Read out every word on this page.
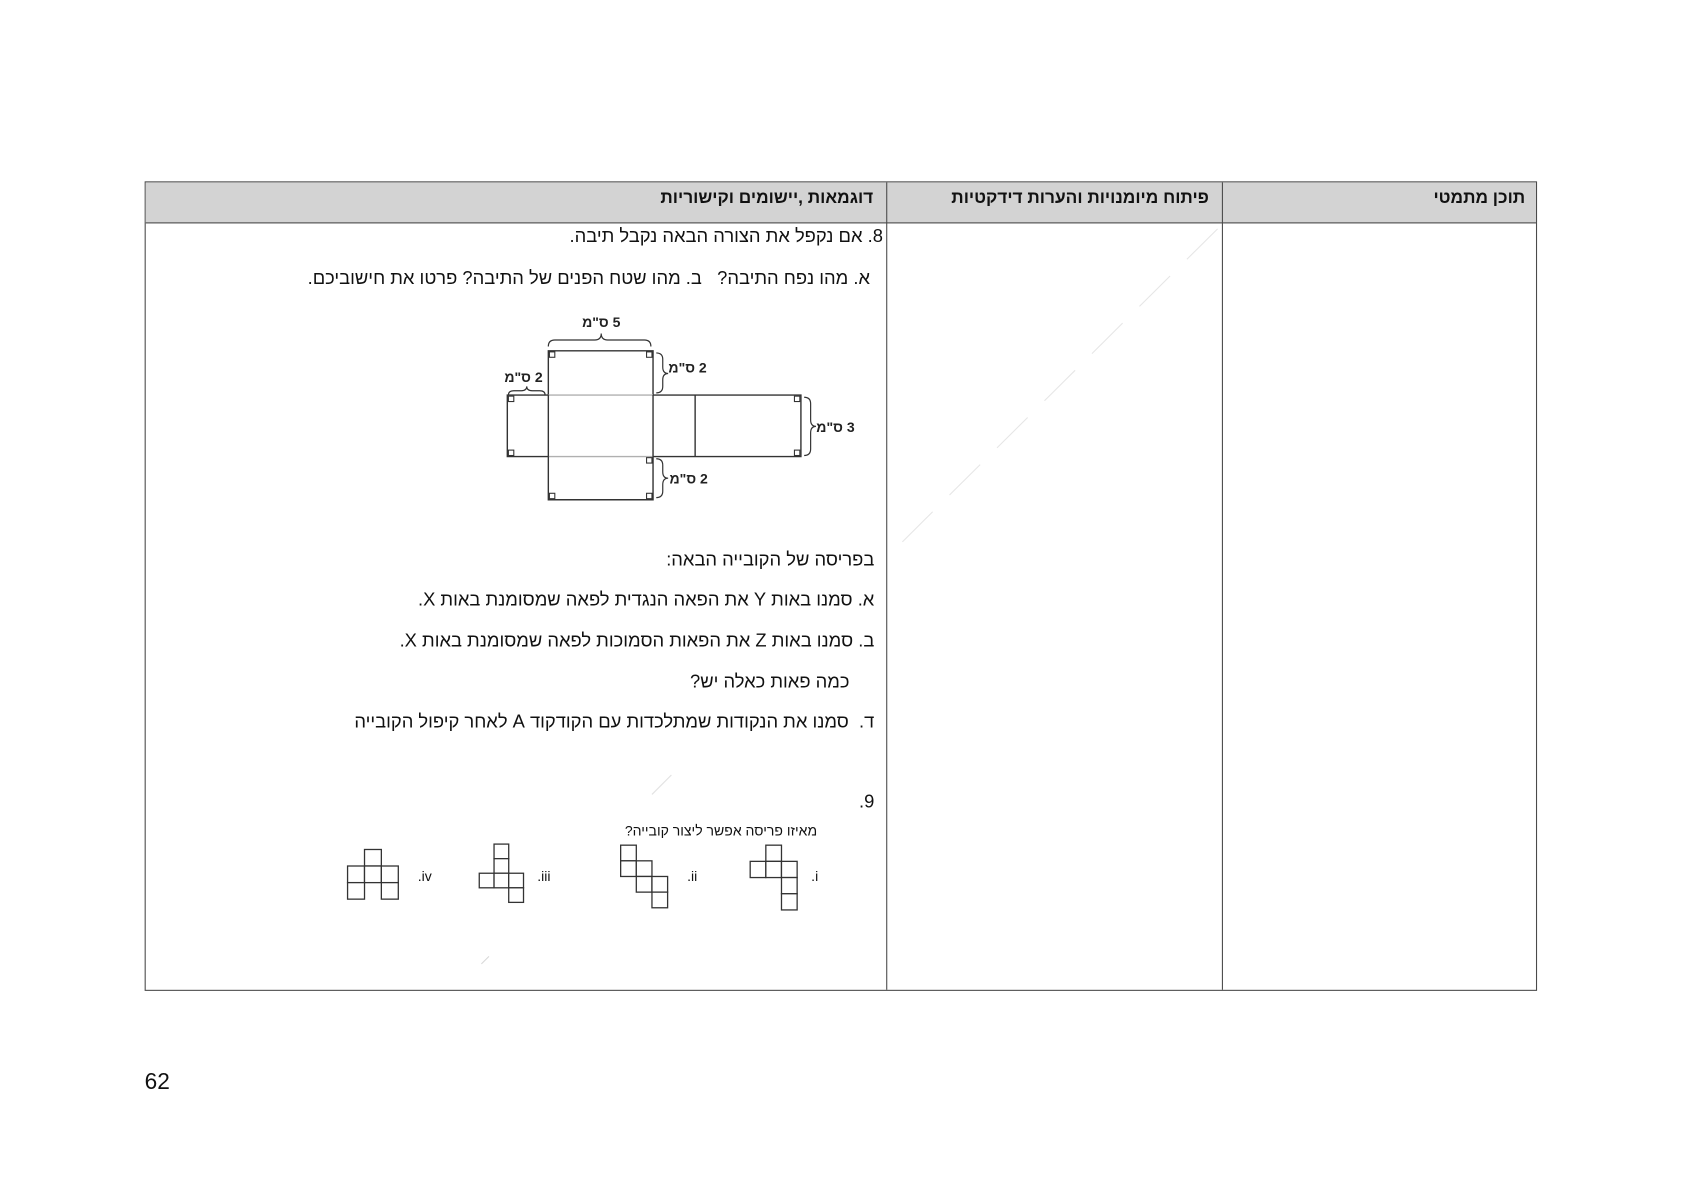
תוכן מתמטי
פיתוח מיומנויות והערות דידקטיות
דוגמאות ,יישומים וקישוריות
8. אם נקפל את הצורה הבאה נקבל תיבה.
א. מהו נפח התיבה?   ב. מהו שטח הפנים של התיבה? פרטו את חישוביכם.
5 ס"מ
2 ס"מ
2 ס"מ
3 ס"מ
2 ס"מ
בפריסה של הקובייה הבאה:
א. סמנו באות Y את הפאה הנגדית לפאה שמסומנת באות X.
ב. סמנו באות Z את הפאות הסמוכות לפאה שמסומנת באות X.
כמה פאות כאלה יש?
ד.  סמנו את הנקודות שמתלכדות עם הקודקוד A לאחר קיפול הקובייה
9.
מאיזו פריסה אפשר ליצור קובייה?
i.
ii.
iii.
iv.
62
